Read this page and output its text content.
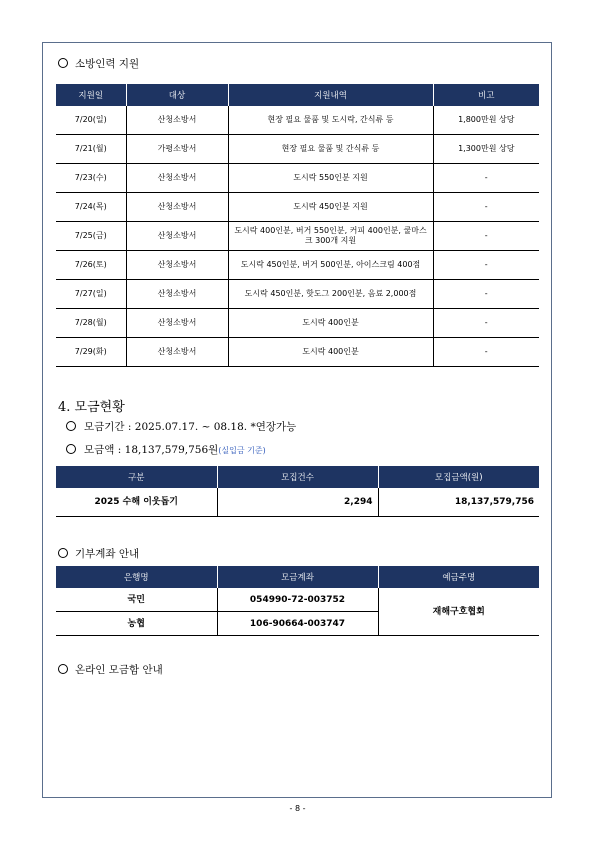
소방인력 지원
지원일	대상	지원내역	비고
7/20(일)	산청소방서	현장 필요 물품 및 도시락, 간식류 등	1,800만원 상당
7/21(월)	가평소방서	현장 필요 물품 및 간식류 등	1,300만원 상당
7/23(수)	산청소방서	도시락 550인분 지원	-
7/24(목)	산청소방서	도시락 450인분 지원	-
7/25(금)	산청소방서	도시락 400인분, 버거 550인분, 커피 400인분, 쿨마스크 300개 지원	-
7/26(토)	산청소방서	도시락 450인분, 버거 500인분, 아이스크림 400점	-
7/27(일)	산청소방서	도시락 450인분, 핫도그 200인분, 음료 2,000점	-
7/28(월)	산청소방서	도시락 400인분	-
7/29(화)	산청소방서	도시락 400인분	-
4. 모금현황
모금기간 : 2025.07.17. ~ 08.18. *연장가능
모금액 : 18,137,579,756원(실입금 기준)
구분	모집건수	모집금액(원)
2025 수해 이웃돕기	2,294	18,137,579,756
기부계좌 안내
은행명	모금계좌	예금주명
국민	054990-72-003752	재해구호협회
농협	106-90664-003747	
온라인 모금함 안내
- 8 -
